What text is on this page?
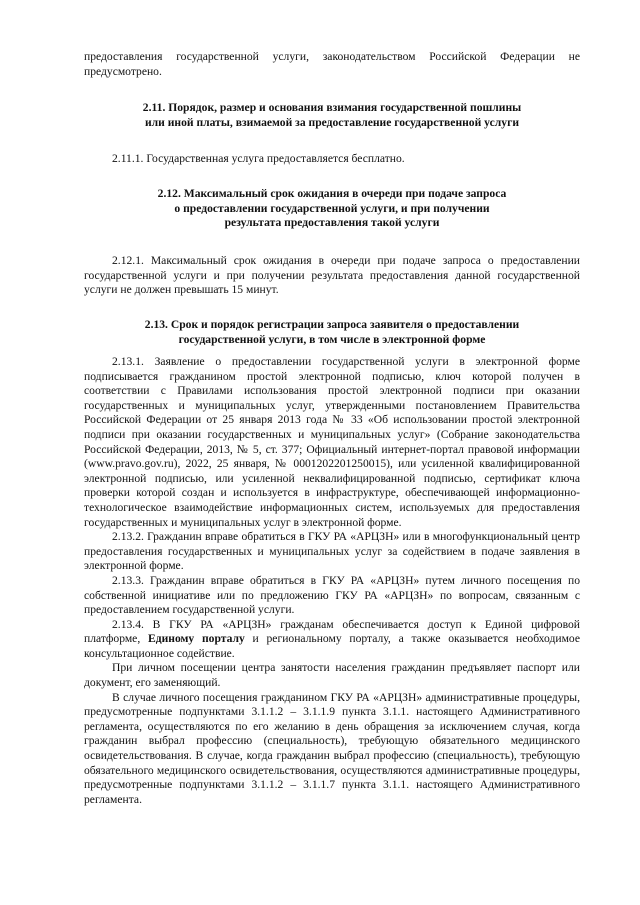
предоставления государственной услуги, законодательством Российской Федерации не предусмотрено.

2.11. Порядок, размер и основания взимания государственной пошлины
или иной платы, взимаемой за предоставление государственной услуги

2.11.1. Государственная услуга предоставляется бесплатно.

2.12. Максимальный срок ожидания в очереди при подаче запроса
о предоставлении государственной услуги, и при получении
результата предоставления такой услуги

2.12.1. Максимальный срок ожидания в очереди при подаче запроса о предоставлении государственной услуги и при получении результата предоставления данной государственной услуги не должен превышать 15 минут.

2.13. Срок и порядок регистрации запроса заявителя о предоставлении
государственной услуги, в том числе в электронной форме

2.13.1. Заявление о предоставлении государственной услуги в электронной форме подписывается гражданином простой электронной подписью, ключ которой получен в соответствии с Правилами использования простой электронной подписи при оказании государственных и муниципальных услуг, утвержденными постановлением Правительства Российской Федерации от 25 января 2013 года № 33 «Об использовании простой электронной подписи при оказании государственных и муниципальных услуг» (Собрание законодательства Российской Федерации, 2013, № 5, ст. 377; Официальный интернет-портал правовой информации (www.pravo.gov.ru), 2022, 25 января, № 0001202201250015), или усиленной квалифицированной электронной подписью, или усиленной неквалифицированной подписью, сертификат ключа проверки которой создан и используется в инфраструктуре, обеспечивающей информационно-технологическое взаимодействие информационных систем, используемых для предоставления государственных и муниципальных услуг в электронной форме.

2.13.2. Гражданин вправе обратиться в ГКУ РА «АРЦЗН» или в многофункциональный центр предоставления государственных и муниципальных услуг за содействием в подаче заявления в электронной форме.

2.13.3. Гражданин вправе обратиться в ГКУ РА «АРЦЗН» путем личного посещения по собственной инициативе или по предложению ГКУ РА «АРЦЗН» по вопросам, связанным с предоставлением государственной услуги.

2.13.4. В ГКУ РА «АРЦЗН» гражданам обеспечивается доступ к Единой цифровой платформе, Единому порталу и региональному порталу, а также оказывается необходимое консультационное содействие.

При личном посещении центра занятости населения гражданин предъявляет паспорт или документ, его заменяющий.

В случае личного посещения гражданином ГКУ РА «АРЦЗН» административные процедуры, предусмотренные подпунктами 3.1.1.2 – 3.1.1.9 пункта 3.1.1. настоящего Административного регламента, осуществляются по его желанию в день обращения за исключением случая, когда гражданин выбрал профессию (специальность), требующую обязательного медицинского освидетельствования. В случае, когда гражданин выбрал профессию (специальность), требующую обязательного медицинского освидетельствования, осуществляются административные процедуры, предусмотренные подпунктами 3.1.1.2 – 3.1.1.7 пункта 3.1.1. настоящего Административного регламента.
